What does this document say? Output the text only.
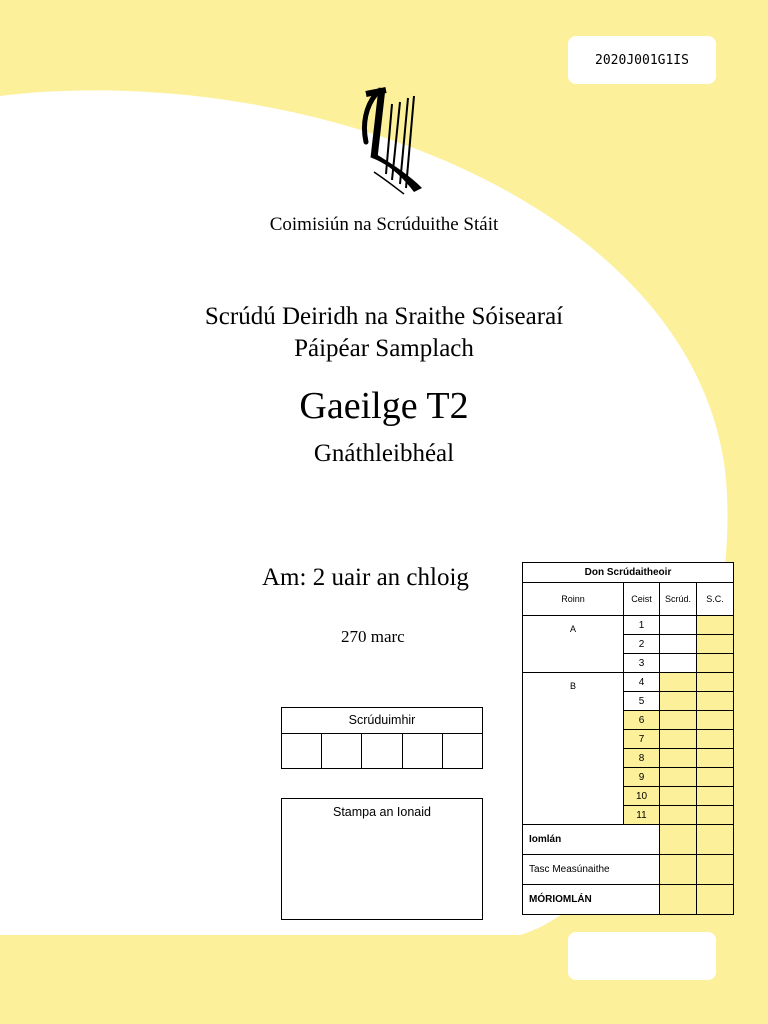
2020J001G1IS
Coimisiún na Scrúduithe Stáit
Scrúdú Deiridh na Sraithe Sóisearaí
Páipéar Samplach
Gaeilge T2
Gnáthleibhéal
Am: 2 uair an chloig
270 marc
Scrúduimhir
Stampa an Ionaid
Don Scrúdaitheoir			
Roinn	Ceist	Scrúd.	S.C.
A	1		
	2		
	3		
B	4		
	5		
	6		
	7		
	8		
	9		
	10		
	11		
Iomlán			
Tasc Measúnaithe			
MÓRIOMLÁN			
